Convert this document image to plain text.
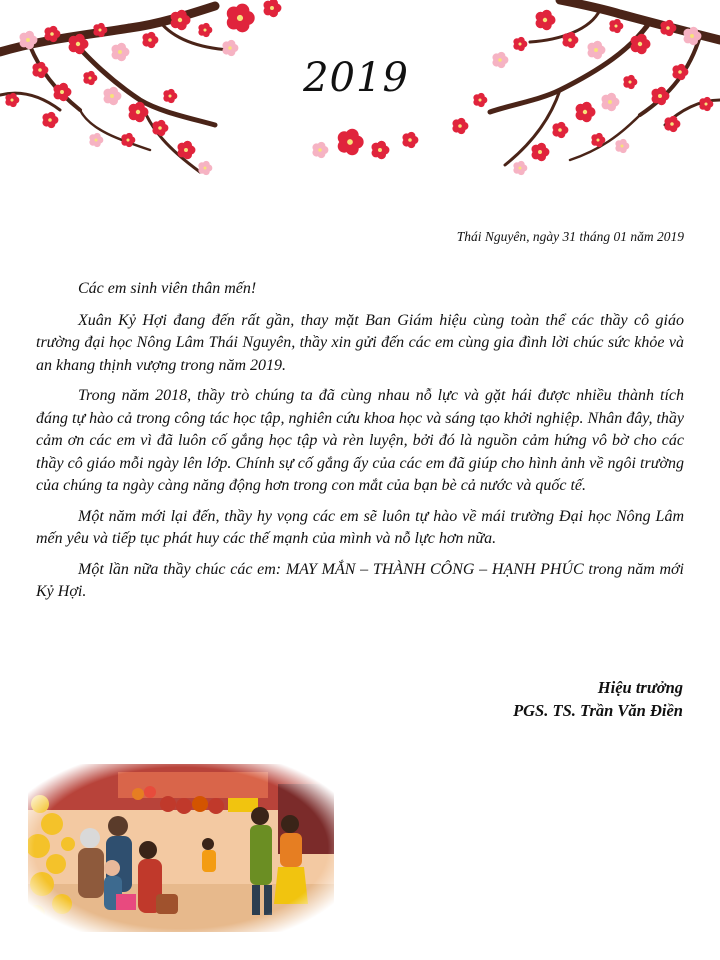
2019
Thái Nguyên, ngày 31 tháng 01 năm 2019

Các em sinh viên thân mến!

Xuân Kỷ Hợi đang đến rất gần, thay mặt Ban Giám hiệu cùng toàn thể các thầy cô giáo trường đại học Nông Lâm Thái Nguyên, thầy xin gửi đến các em cùng gia đình lời chúc sức khỏe và an khang thịnh vượng trong năm 2019.

Trong năm 2018, thầy trò chúng ta đã cùng nhau nỗ lực và gặt hái được nhiều thành tích đáng tự hào cả trong công tác học tập, nghiên cứu khoa học và sáng tạo khởi nghiệp. Nhân đây, thầy cảm ơn các em vì đã luôn cố gắng học tập và rèn luyện, bởi đó là nguồn cảm hứng vô bờ cho các thầy cô giáo mỗi ngày lên lớp. Chính sự cố gắng ấy của các em đã giúp cho hình ảnh về ngôi trường của chúng ta ngày càng năng động hơn trong con mắt của bạn bè cả nước và quốc tế.

Một năm mới lại đến, thầy hy vọng các em sẽ luôn tự hào về mái trường Đại học Nông Lâm mến yêu và tiếp tục phát huy các thế mạnh của mình và nỗ lực hơn nữa.

Một lần nữa thầy chúc các em: MAY MẮN – THÀNH CÔNG – HẠNH PHÚC trong năm mới Kỷ Hợi.

Hiệu trưởng
PGS. TS. Trần Văn Điền
